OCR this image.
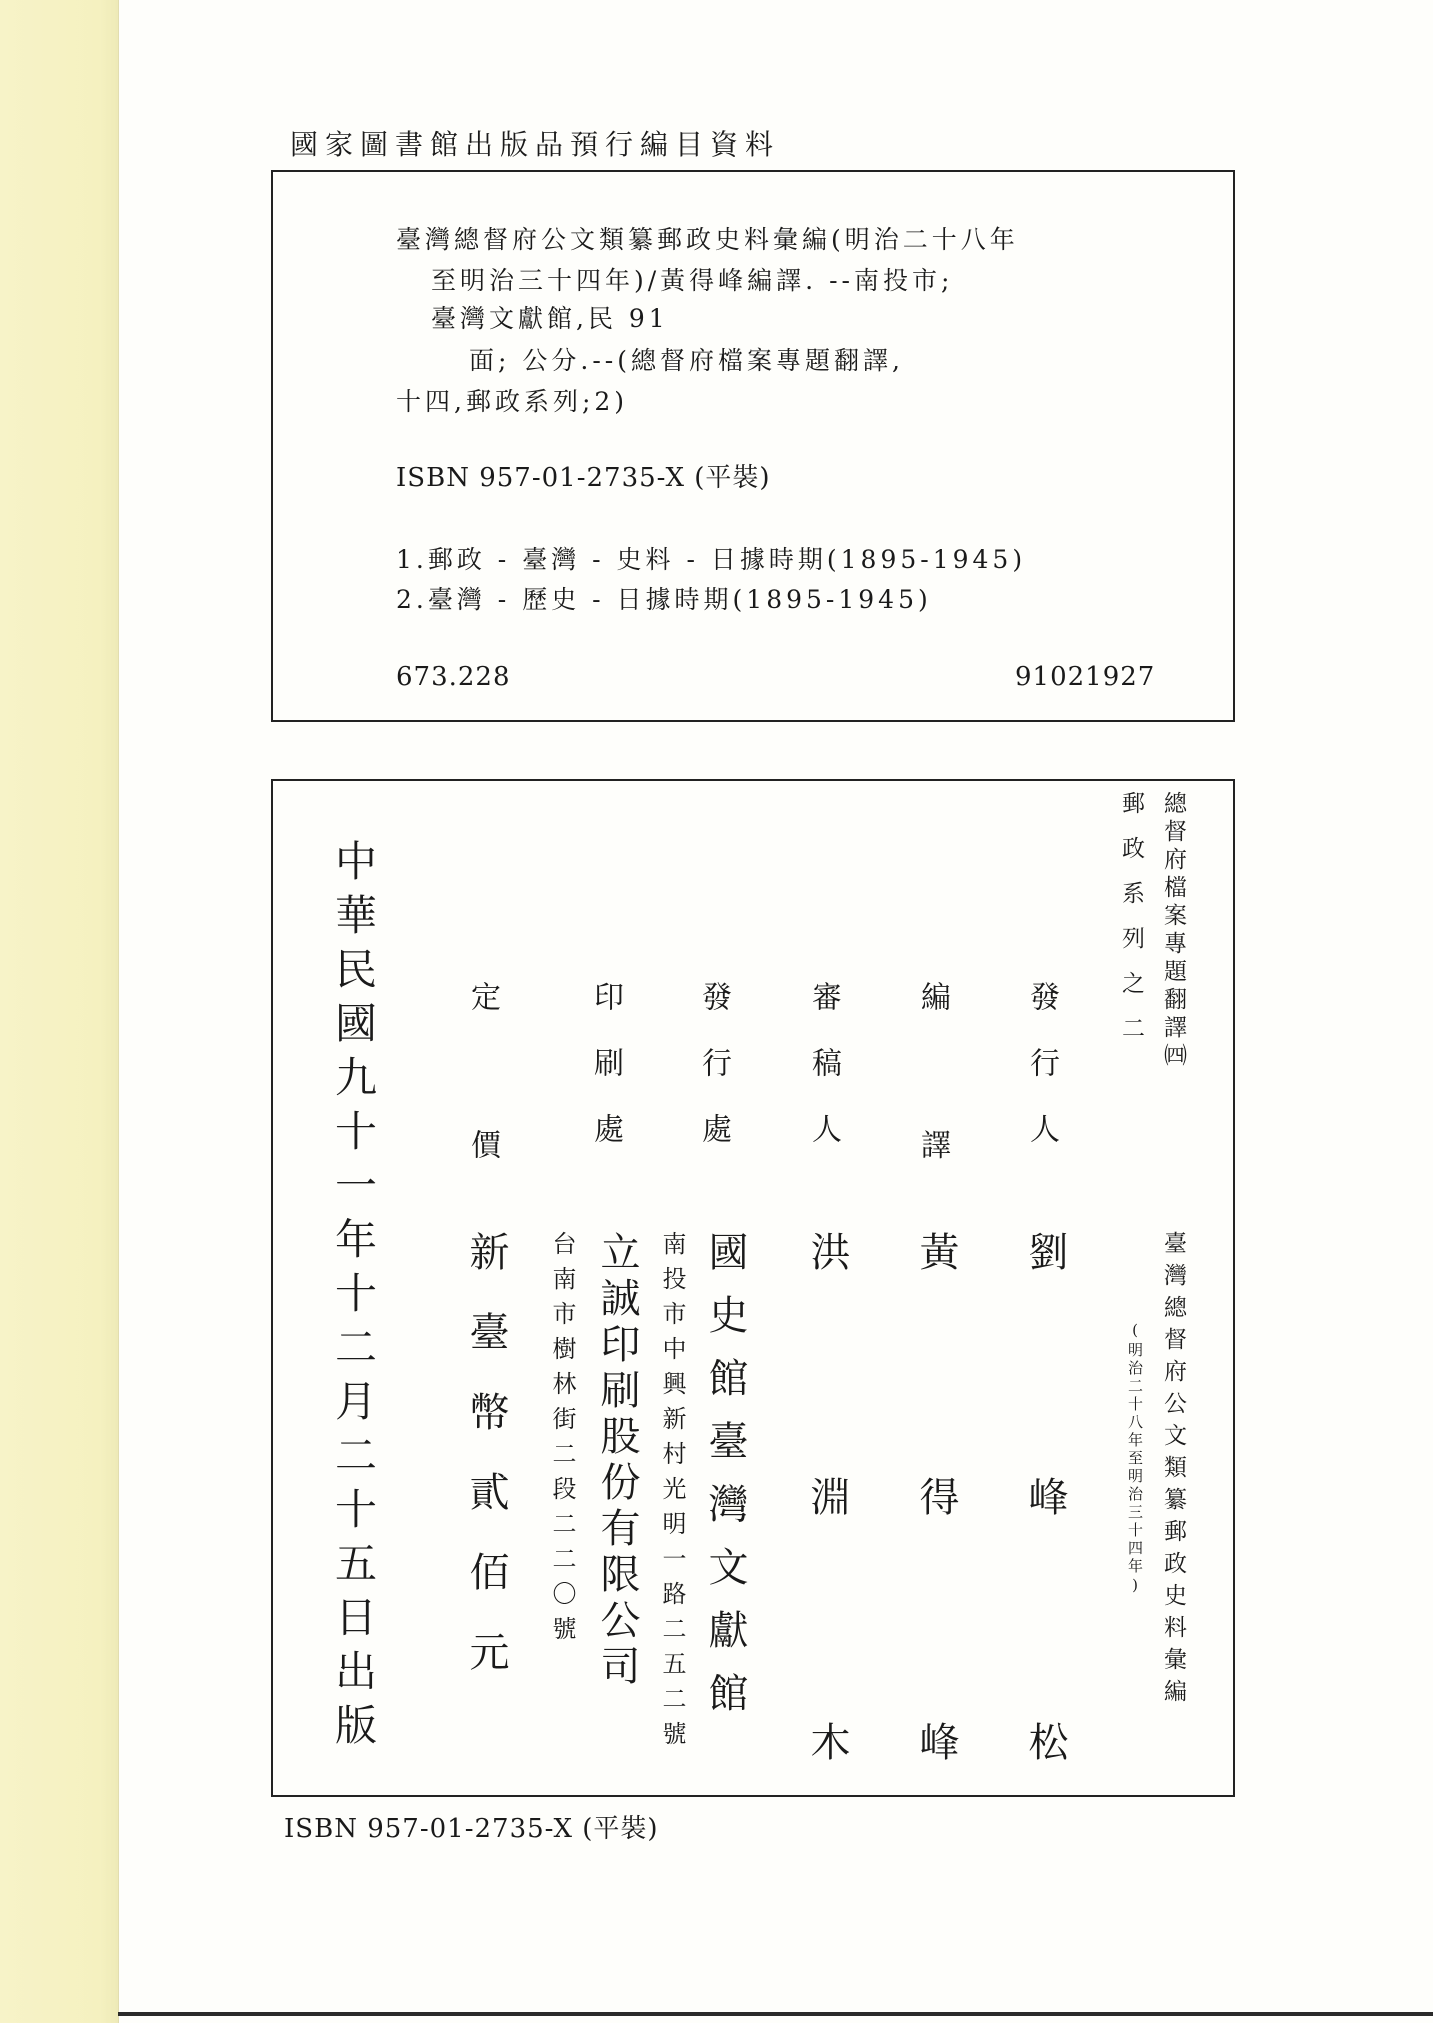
國家圖書館出版品預行編目資料
臺灣總督府公文類纂郵政史料彙編(明治二十八年
至明治三十四年)/黃得峰編譯. --南投市;
臺灣文獻館,民 91
面; 公分.--(總督府檔案專題翻譯,
十四,郵政系列;2)
ISBN 957-01-2735-X (平裝)
1.郵政 - 臺灣 - 史料 - 日據時期(1895-1945)
2.臺灣 - 歷史 - 日據時期(1895-1945)
673.228	91021927
總督府檔案專題翻譯㈣
郵政系列之二
臺灣總督府公文類纂郵政史料彙編
(明治二十八年至明治三十四年)
發行人
劉峰松
編譯
黃得峰
審稿人
洪淵木
發行處
國史館臺灣文獻館
南投市中興新村光明一路二五二號
印刷處
立誠印刷股份有限公司
台南市樹林街二段二二〇號
定價
新臺幣貳佰元
中華民國九十一年十二月二十五日出版
ISBN 957-01-2735-X (平裝)
